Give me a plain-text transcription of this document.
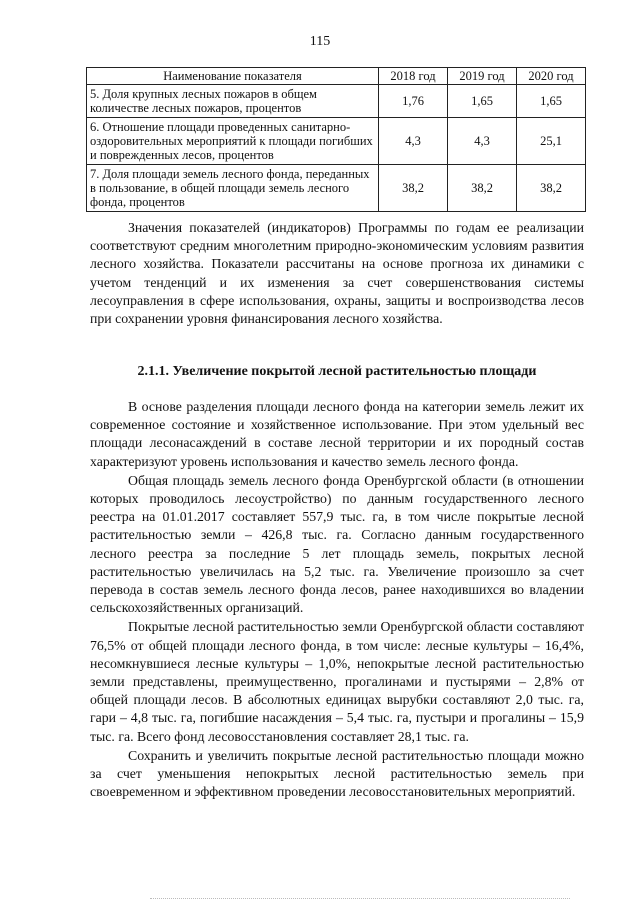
115
Наименование показателя	2018 год	2019 год	2020 год
5. Доля крупных лесных пожаров в общем количестве лесных пожаров, процентов	1,76	1,65	1,65
6. Отношение площади проведенных санитарно-оздоровительных мероприятий к площади погибших и поврежденных лесов, процентов	4,3	4,3	25,1
7. Доля площади земель лесного фонда, переданных в пользование, в общей площади земель лесного фонда, процентов	38,2	38,2	38,2

Значения показателей (индикаторов) Программы по годам ее реализации соответствуют средним многолетним природно-экономическим условиям развития лесного хозяйства. Показатели рассчитаны на основе прогноза их динамики с учетом тенденций и их изменения за счет совершенствования системы лесоуправления в сфере использования, охраны, защиты и воспроизводства лесов при сохранении уровня финансирования лесного хозяйства.

2.1.1. Увеличение покрытой лесной растительностью площади

В основе разделения площади лесного фонда на категории земель лежит их современное состояние и хозяйственное использование. При этом удельный вес площади лесонасаждений в составе лесной территории и их породный состав характеризуют уровень использования и качество земель лесного фонда.

Общая площадь земель лесного фонда Оренбургской области (в отношении которых проводилось лесоустройство) по данным государственного лесного реестра на 01.01.2017 составляет 557,9 тыс. га, в том числе покрытые лесной растительностью земли – 426,8 тыс. га. Согласно данным государственного лесного реестра за последние 5 лет площадь земель, покрытых лесной растительностью увеличилась на 5,2 тыс. га. Увеличение произошло за счет перевода в состав земель лесного фонда лесов, ранее находившихся во владении сельскохозяйственных организаций.

Покрытые лесной растительностью земли Оренбургской области составляют 76,5% от общей площади лесного фонда, в том числе: лесные культуры – 16,4%, несомкнувшиеся лесные культуры – 1,0%, непокрытые лесной растительностью земли представлены, преимущественно, прогалинами и пустырями – 2,8% от общей площади лесов. В абсолютных единицах вырубки составляют 2,0 тыс. га, гари – 4,8 тыс. га, погибшие насаждения – 5,4 тыс. га, пустыри и прогалины – 15,9 тыс. га. Всего фонд лесовосстановления составляет 28,1 тыс. га.

Сохранить и увеличить покрытые лесной растительностью площади можно за счет уменьшения непокрытых лесной растительностью земель при своевременном и эффективном проведении лесовосстановительных мероприятий.
